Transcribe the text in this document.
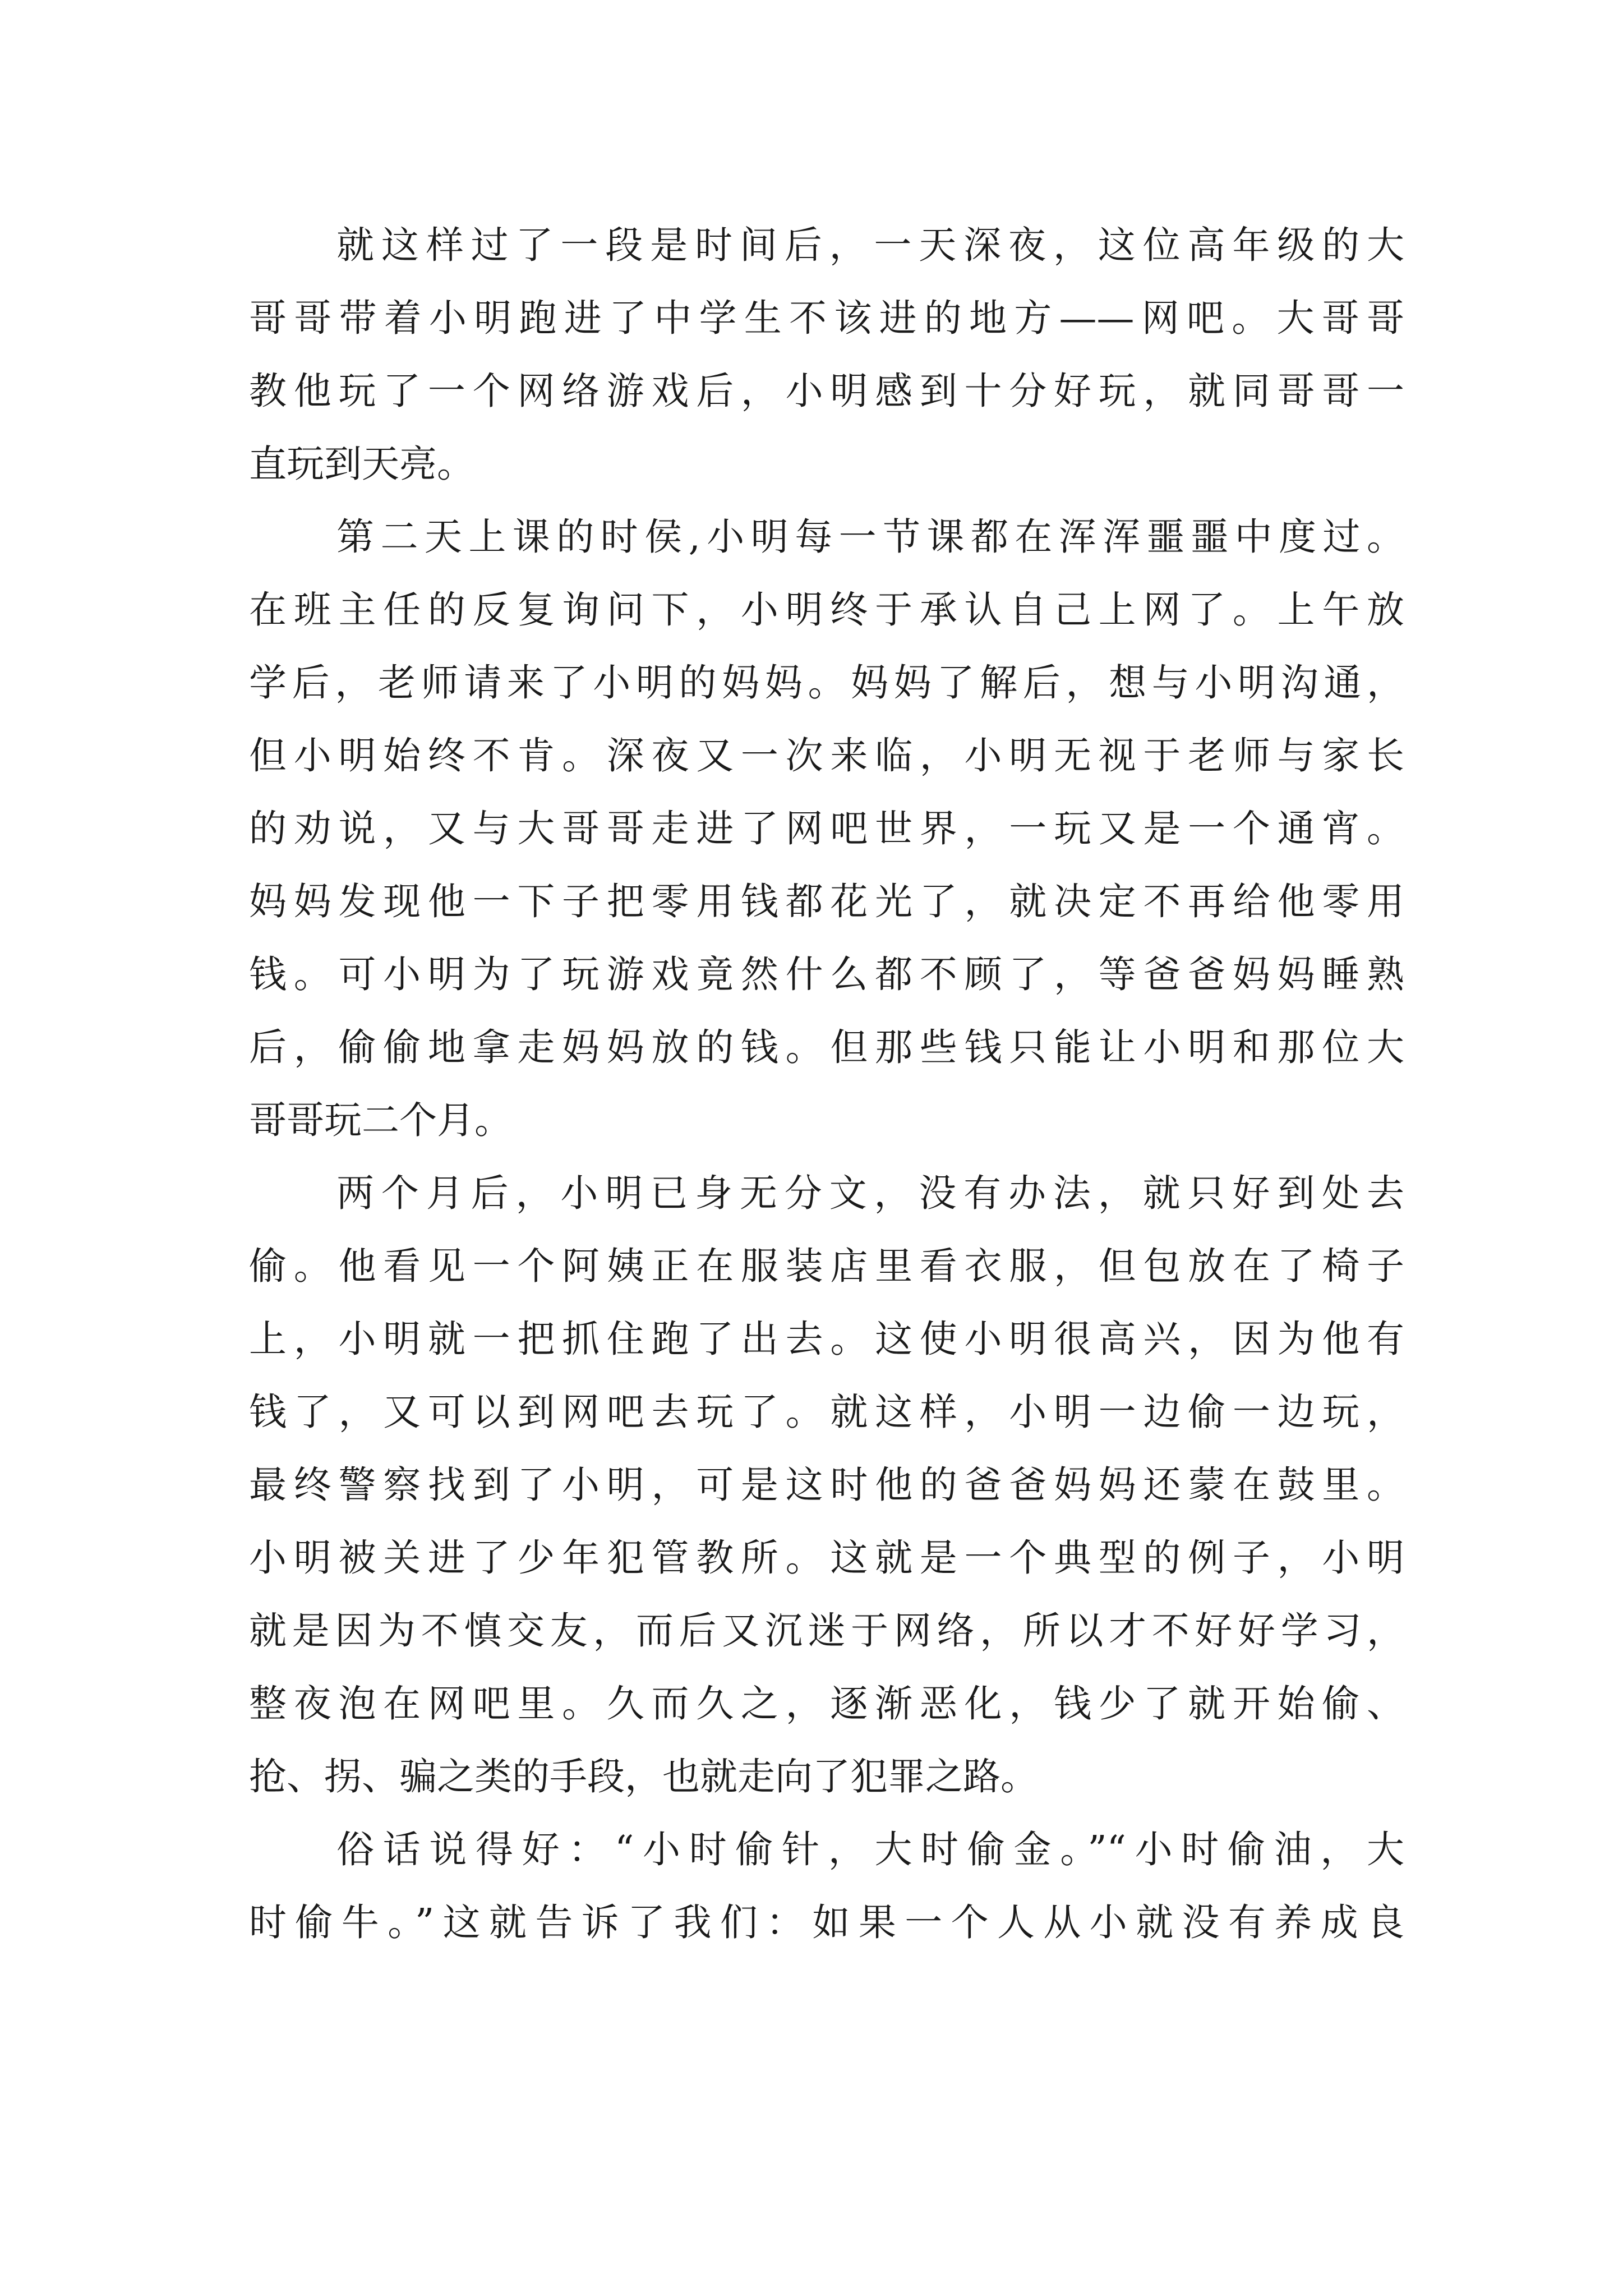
就这样过了一段是时间后，一天深夜，这位高年级的大
哥哥带着小明跑进了中学生不该进的地方——网吧。大哥哥
教他玩了一个网络游戏后，小明感到十分好玩，就同哥哥一
直玩到天亮。
第二天上课的时侯,小明每一节课都在浑浑噩噩中度过。
在班主任的反复询问下，小明终于承认自己上网了。上午放
学后，老师请来了小明的妈妈。妈妈了解后，想与小明沟通，
但小明始终不肯。深夜又一次来临，小明无视于老师与家长
的劝说，又与大哥哥走进了网吧世界，一玩又是一个通宵。
妈妈发现他一下子把零用钱都花光了，就决定不再给他零用
钱。可小明为了玩游戏竟然什么都不顾了，等爸爸妈妈睡熟
后，偷偷地拿走妈妈放的钱。但那些钱只能让小明和那位大
哥哥玩二个月。
两个月后，小明已身无分文，没有办法，就只好到处去
偷。他看见一个阿姨正在服装店里看衣服，但包放在了椅子
上，小明就一把抓住跑了出去。这使小明很高兴，因为他有
钱了，又可以到网吧去玩了。就这样，小明一边偷一边玩，
最终警察找到了小明，可是这时他的爸爸妈妈还蒙在鼓里。
小明被关进了少年犯管教所。这就是一个典型的例子，小明
就是因为不慎交友，而后又沉迷于网络，所以才不好好学习，
整夜泡在网吧里。久而久之，逐渐恶化，钱少了就开始偷、
抢、拐、骗之类的手段，也就走向了犯罪之路。
俗话说得好：“小时偷针，大时偷金。”“小时偷油，大
时偷牛。”这就告诉了我们：如果一个人从小就没有养成良
